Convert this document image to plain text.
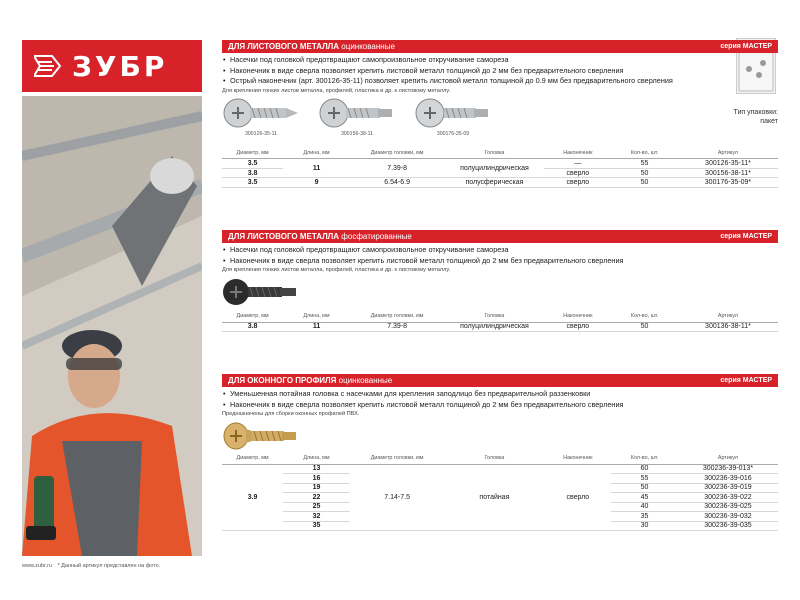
ЗУБР
www.zubr.ru * Данный артикул представлен на фото.
Тип упаковки:
пакет
ДЛЯ ЛИСТОВОГО МЕТАЛЛА оцинкованные	серия МАСТЕР
• Насечки под головкой предотвращают самопроизвольное откручивание самореза
• Наконечник в виде сверла позволяет крепить листовой металл толщиной до 2 мм без предварительного сверления
• Острый наконечник (арт. 300126-35-11) позволяет крепить листовой металл толщиной до 0.9 мм без предварительного сверления
Для крепления тонких листов металла, профилей, пластика и др. к листовому металлу.
300126-35-11	300156-38-11	300176-35-09
Диаметр, мм	Длина, мм	Диаметр головки, мм	Головка	Наконечник	Кол-во, шт.	Артикул
3.5	11	7.39-8	полуцилиндрическая	—	55	300126-35-11*
3.8				сверло	50	300156-38-11*
3.5	9	6.54-6.9	полусферическая	сверло	50	300176-35-09*
ДЛЯ ЛИСТОВОГО МЕТАЛЛА фосфатированные	серия МАСТЕР
• Насечки под головкой предотвращают самопроизвольное откручивание самореза
• Наконечник в виде сверла позволяет крепить листовой металл толщиной до 2 мм без предварительного сверления
Для крепления тонких листов металла, профилей, пластика и др. к листовому металлу.
Диаметр, мм	Длина, мм	Диаметр головки, мм	Головка	Наконечник	Кол-во, шт.	Артикул
3.8	11	7.39-8	полуцилиндрическая	сверло	50	300136-38-11*
ДЛЯ ОКОННОГО ПРОФИЛЯ оцинкованные	серия МАСТЕР
• Уменьшенная потайная головка с насечками для крепления заподлицо без предварительной раззенковки
• Наконечник в виде сверла позволяет крепить листовой металл толщиной до 2 мм без предварительного сверления
Предназначены для сборки оконных профилей ПВХ.
Диаметр, мм	Длина, мм	Диаметр головки, мм	Головка	Наконечник	Кол-во, шт.	Артикул
3.9	13	7.14-7.5	потайная	сверло	60	300236-39-013*
	16				55	300236-39-016
	19				50	300236-39-019
	22				45	300236-39-022
	25				40	300236-39-025
	32				35	300236-39-032
	35				30	300236-39-035
